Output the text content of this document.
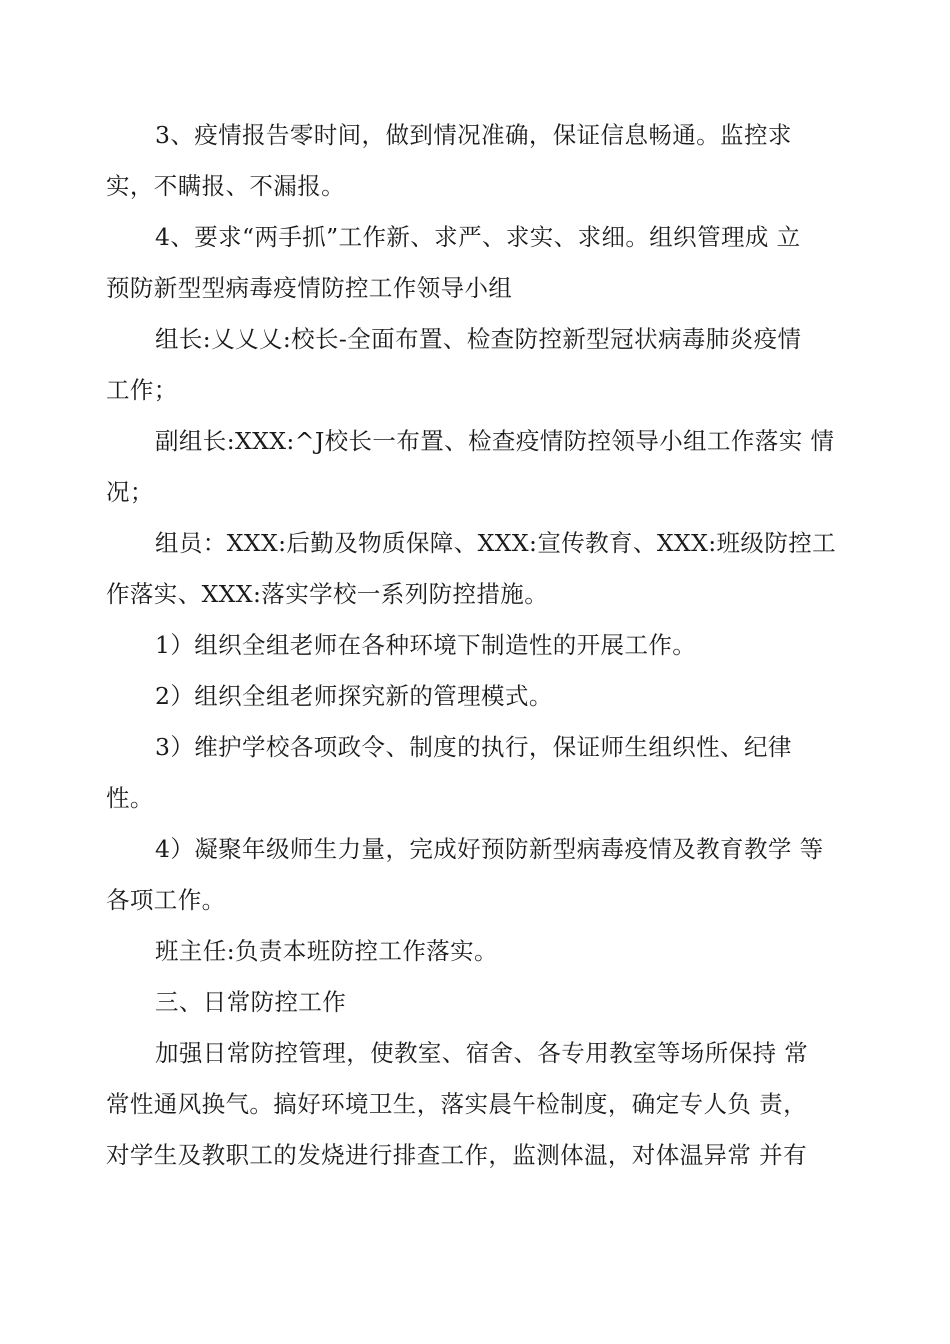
3、疫情报告零时间，做到情况准确，保证信息畅通。监控求
实，不瞒报、不漏报。

4、要求“两手抓”工作新、求严、求实、求细。组织管理成 立
预防新型型病毒疫情防控工作领导小组

组长:乂乂乂:校长-全面布置、检查防控新型冠状病毒肺炎疫情
工作；

副组长:XXX:^J校长一布置、检查疫情防控领导小组工作落实 情
况；

组员：XXX:后勤及物质保障、XXX:宣传教育、XXX:班级防控工
作落实、XXX:落实学校一系列防控措施。

1）组织全组老师在各种环境下制造性的开展工作。

2）组织全组老师探究新的管理模式。

3）维护学校各项政令、制度的执行，保证师生组织性、纪律
性。

4）凝聚年级师生力量，完成好预防新型病毒疫情及教育教学 等
各项工作。

班主任:负责本班防控工作落实。

三、日常防控工作

加强日常防控管理，使教室、宿舍、各专用教室等场所保持 常
常性通风换气。搞好环境卫生，落实晨午检制度，确定专人负 责，
对学生及教职工的发烧进行排查工作，监测体温，对体温异常 并有
